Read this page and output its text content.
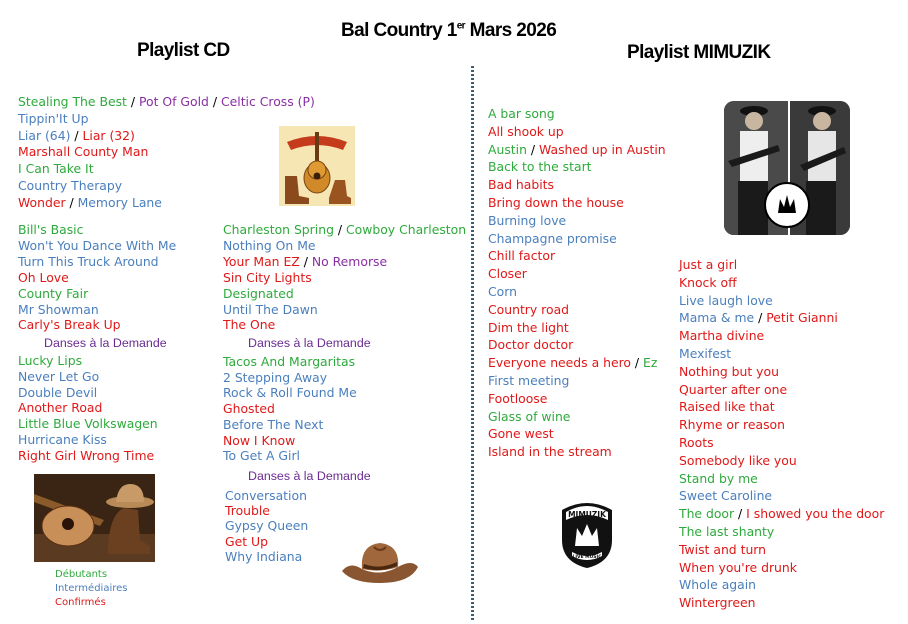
Bal Country 1er Mars 2026
Playlist CD	Playlist MIMUZIK
Stealing The Best / Pot Of Gold / Celtic Cross (P)
Tippin'It Up
Liar (64) / Liar (32)
Marshall County Man
I Can Take It
Country Therapy
Wonder / Memory Lane
Bill's Basic
Won't You Dance With Me
Turn This Truck Around
Oh Love
County Fair
Mr Showman
Carly's Break Up
Danses à la Demande
Lucky Lips
Never Let Go
Double Devil
Another Road
Little Blue Volkswagen
Hurricane Kiss
Right Girl Wrong Time
Charleston Spring / Cowboy Charleston
Nothing On Me
Your Man EZ / No Remorse
Sin City Lights
Designated
Until The Dawn
The One
Danses à la Demande
Tacos And Margaritas
2 Stepping Away
Rock & Roll Found Me
Ghosted
Before The Next
Now I Know
To Get A Girl
Danses à la Demande
Conversation
Trouble
Gypsy Queen
Get Up
Why Indiana
A bar song
All shook up
Austin / Washed up in Austin
Back to the start
Bad habits
Bring down the house
Burning love
Champagne promise
Chill factor
Closer
Corn
Country road
Dim the light
Doctor doctor
Everyone needs a hero / Ez
First meeting
Footloose
Glass of wine
Gone west
Island in the stream
Just a girl
Knock off
Live laugh love
Mama & me / Petit Gianni
Martha divine
Mexifest
Nothing but you
Quarter after one
Raised like that
Rhyme or reason
Roots
Somebody like you
Stand by me
Sweet Caroline
The door / I showed you the door
The last shanty
Twist and turn
When you're drunk
Whole again
Wintergreen
Débutants
Intermédiaires
Confirmés
MIMUZIK
LIVE MUSIC
